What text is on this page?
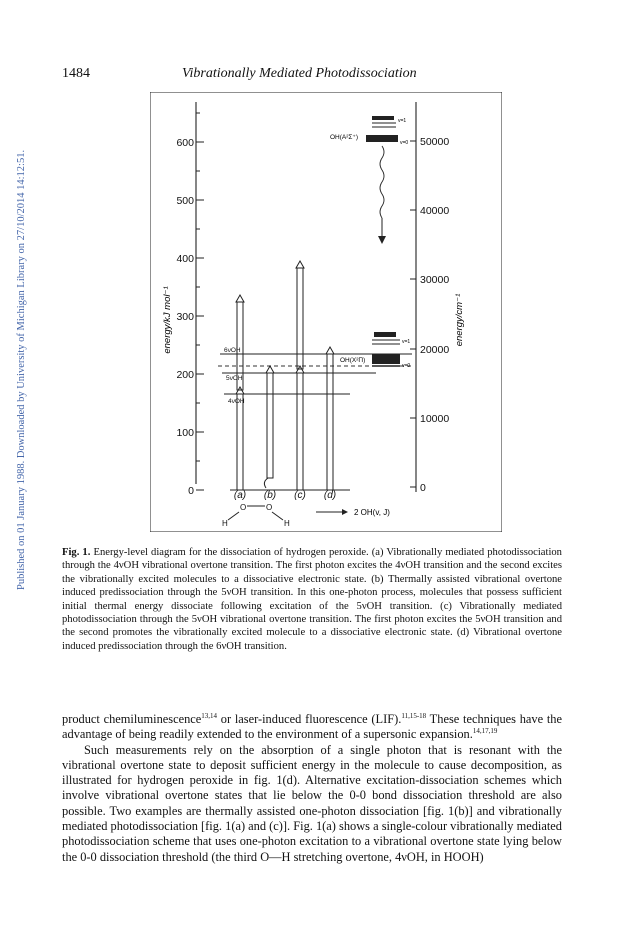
1484	Vibrationally Mediated Photodissociation
Published on 01 January 1988. Downloaded by University of Michigan Library on 27/10/2014 14:12:51.
600
500
400
300
200
100
0
energy/kJ mol⁻¹
50000
40000
30000
20000
10000
0
energy/cm⁻¹
6νOH
5νOH
4νOH
OH(X²Π)
v=1
v=0
OH(A²Σ⁺)
v=1
v=0
(a) (b) (c) (d)
O O
H	H
2 OH(v, J)
Fig. 1. Energy-level diagram for the dissociation of hydrogen peroxide. (a) Vibrationally mediated photodissociation through the 4νOH vibrational overtone transition. The first photon excites the 4νOH transition and the second excites the vibrationally excited molecules to a dissociative electronic state. (b) Thermally assisted vibrational overtone induced predissociation through the 5νOH transition. In this one-photon process, molecules that possess sufficient initial thermal energy dissociate following excitation of the 5νOH transition. (c) Vibrationally mediated photodissociation through the 5νOH vibrational overtone transition. The first photon excites the 5νOH transition and the second promotes the vibrationally excited molecule to a dissociative electronic state. (d) Vibrational overtone induced predissociation through the 6νOH transition.

product chemiluminescence$^{13,14}$ or laser-induced fluorescence (LIF).$^{11,15-18}$ These techniques have the advantage of being readily extended to the environment of a supersonic expansion.$^{14,17,19}$

Such measurements rely on the absorption of a single photon that is resonant with the vibrational overtone state to deposit sufficient energy in the molecule to cause decomposition, as illustrated for hydrogen peroxide in fig. 1(d). Alternative excitation-dissociation schemes which involve vibrational overtone states that lie below the 0-0 bond dissociation threshold are also possible. Two examples are thermally assisted one-photon dissociation [fig. 1(b)] and vibrationally mediated photodissociation [fig. 1(a) and (c)]. Fig. 1(a) shows a single-colour vibrationally mediated photodissociation scheme that uses one-photon excitation to a vibrational overtone state lying below the 0-0 dissociation threshold (the third O—H stretching overtone, 4νOH, in HOOH)
